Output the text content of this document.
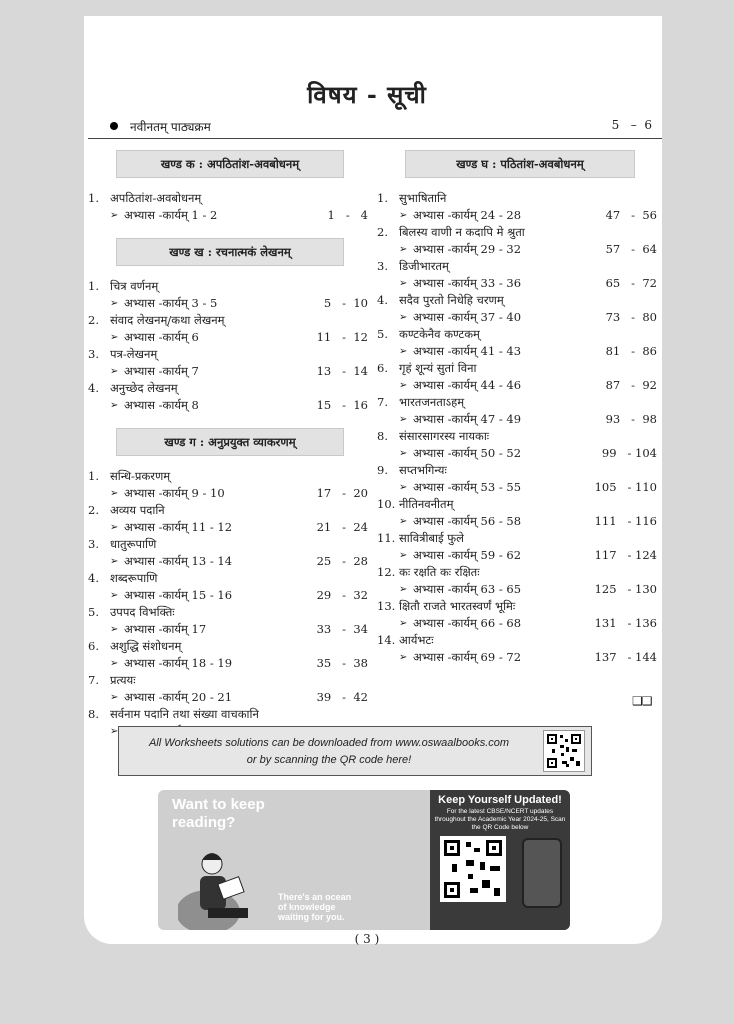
विषय - सूची
नवीनतम् पाठ्यक्रम	5   –  6
खण्ड क : अपठितांश-अवबोधनम्
1. अपठितांश-अवबोधनम्
➢ अभ्यास -कार्यम् 1 - 2	1   -   4
खण्ड ख : रचनात्मकं लेखनम्
1. चित्र वर्णनम्
➢ अभ्यास -कार्यम् 3 - 5	5   -  10
2. संवाद लेखनम्/कथा लेखनम्
➢ अभ्यास -कार्यम् 6	11   -  12
3. पत्र-लेखनम्
➢ अभ्यास -कार्यम् 7	13   -  14
4. अनुच्छेद लेखनम्
➢ अभ्यास -कार्यम् 8	15   -  16
खण्ड ग : अनुप्रयुक्त व्याकरणम्
1. सन्धि-प्रकरणम्
➢ अभ्यास -कार्यम् 9 - 10	17   -  20
2. अव्यय पदानि
➢ अभ्यास -कार्यम् 11 - 12	21   -  24
3. धातुरूपाणि
➢ अभ्यास -कार्यम् 13 - 14	25   -  28
4. शब्दरूपाणि
➢ अभ्यास -कार्यम् 15 - 16	29   -  32
5. उपपद विभक्तिः
➢ अभ्यास -कार्यम् 17	33   -  34
6. अशुद्धि संशोधनम्
➢ अभ्यास -कार्यम् 18 - 19	35   -  38
7. प्रत्ययः
➢ अभ्यास -कार्यम् 20 - 21	39   -  42
8. सर्वनाम पदानि तथा संख्या वाचकानि
➢
खण्ड घ : पठितांश-अवबोधनम्
1. सुभाषितानि
➢ अभ्यास -कार्यम् 24 - 28	47   -  56
2. बिलस्य वाणी न कदापि मे श्रुता
➢ अभ्यास -कार्यम् 29 - 32	57   -  64
3. डिजीभारतम्
➢ अभ्यास -कार्यम् 33 - 36	65   -  72
4. सदैव पुरतो निधेहि चरणम्
➢ अभ्यास -कार्यम् 37 - 40	73   -  80
5. कण्टकेनैव कण्टकम्
➢ अभ्यास -कार्यम् 41 - 43	81   -  86
6. गृहं शून्यं सुतां विना
➢ अभ्यास -कार्यम् 44 - 46	87   -  92
7. भारतजनताऽहम्
➢ अभ्यास -कार्यम् 47 - 49	93   -  98
8. संसारसागरस्य नायकाः
➢ अभ्यास -कार्यम् 50 - 52	99   - 104
9. सप्तभगिन्यः
➢ अभ्यास -कार्यम् 53 - 55	105   - 110
10. नीतिनवनीतम्
➢ अभ्यास -कार्यम् 56 - 58	111   - 116
11. सावित्रीबाई फुले
➢ अभ्यास -कार्यम् 59 - 62	117   - 124
12. कः रक्षति कः रक्षितः
➢ अभ्यास -कार्यम् 63 - 65	125   - 130
13. क्षितौ राजते भारतस्वर्णं भूमिः
➢ अभ्यास -कार्यम् 66 - 68	131   - 136
14. आर्यभटः
➢ अभ्यास -कार्यम् 69 - 72	137   - 144
❑❑
All Worksheets solutions can be downloaded from www.oswaalbooks.com
or by scanning the QR code here!
Want to keep reading?
There's an ocean of knowledge waiting for you.
Keep Yourself Updated!
For the latest CBSE/NCERT updates throughout the Academic Year 2024-25, Scan the QR Code below
( 3 )
